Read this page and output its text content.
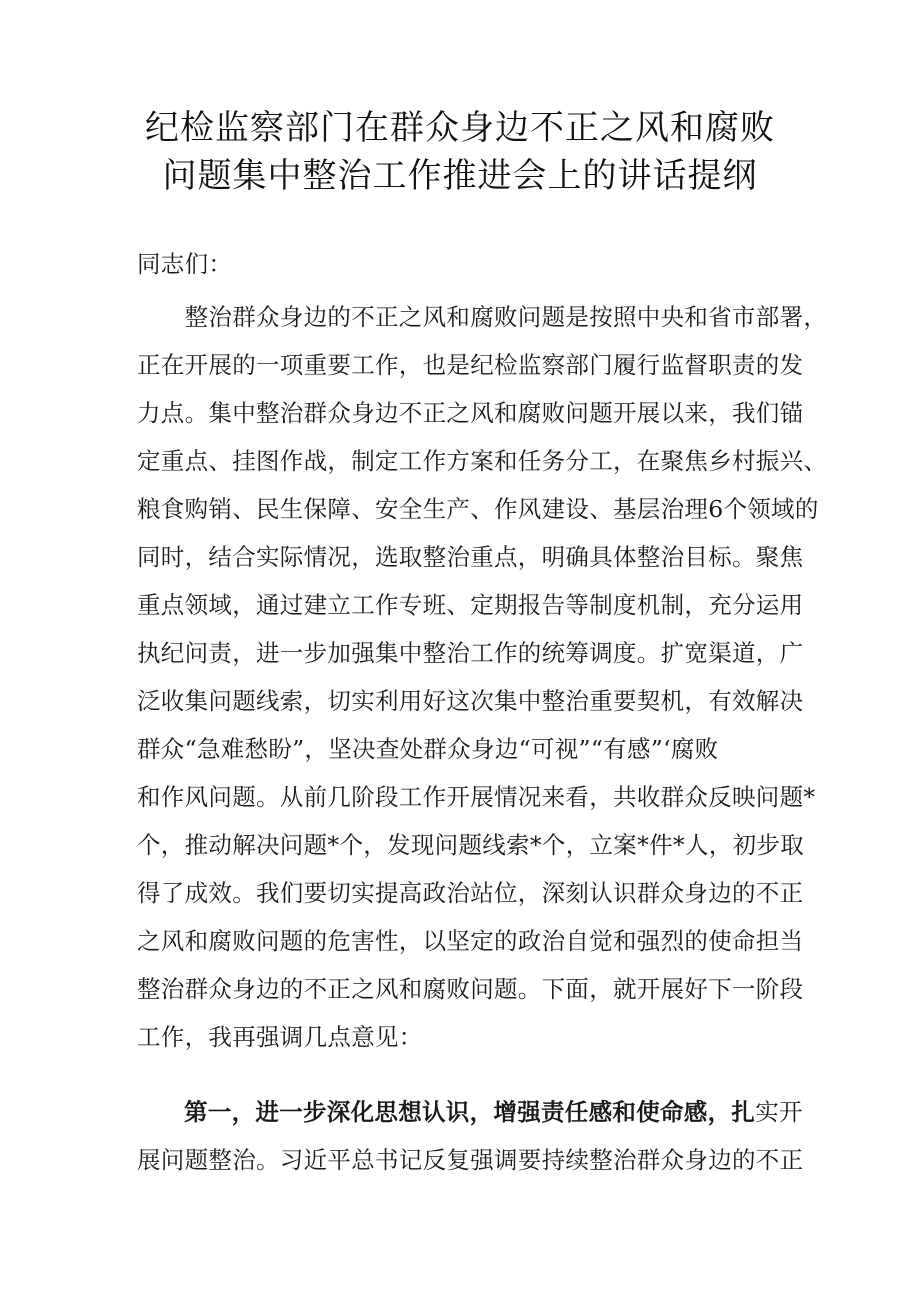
纪检监察部门在群众身边不正之风和腐败
问题集中整治工作推进会上的讲话提纲
同志们：
　　整治群众身边的不正之风和腐败问题是按照中央和省市部署，
正在开展的一项重要工作，也是纪检监察部门履行监督职责的发
力点。集中整治群众身边不正之风和腐败问题开展以来，我们锚
定重点、挂图作战，制定工作方案和任务分工，在聚焦乡村振兴、
粮食购销、民生保障、安全生产、作风建设、基层治理6个领域的
同时，结合实际情况，选取整治重点，明确具体整治目标。聚焦
重点领域，通过建立工作专班、定期报告等制度机制，充分运用
执纪问责，进一步加强集中整治工作的统筹调度。扩宽渠道，广
泛收集问题线索，切实利用好这次集中整治重要契机，有效解决
群众“急难愁盼”，坚决查处群众身边“可视”“有感”‘腐败
和作风问题。从前几阶段工作开展情况来看，共收群众反映问题*
个，推动解决问题*个，发现问题线索*个，立案*件*人，初步取
得了成效。我们要切实提高政治站位，深刻认识群众身边的不正
之风和腐败问题的危害性，以坚定的政治自觉和强烈的使命担当
整治群众身边的不正之风和腐败问题。下面，就开展好下一阶段
工作，我再强调几点意见：
第一，进一步深化思想认识，增强责任感和使命感，扎实开
展问题整治。习近平总书记反复强调要持续整治群众身边的不正
